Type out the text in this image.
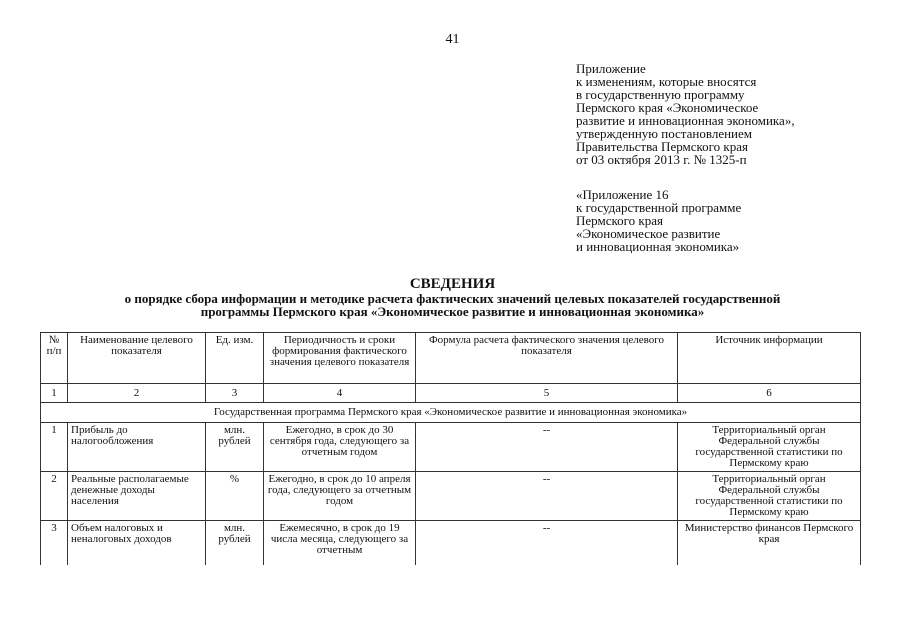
41
Приложение
к изменениям, которые вносятся
в государственную программу
Пермского края «Экономическое
развитие и инновационная экономика»,
утвержденную постановлением
Правительства Пермского края
от 03 октября 2013 г. № 1325-п
«Приложение 16
к государственной программе
Пермского края
«Экономическое развитие
и инновационная экономика»
СВЕДЕНИЯ
о порядке сбора информации и методике расчета фактических значений целевых показателей государственной
программы Пермского края «Экономическое развитие и инновационная экономика»
№ п/п	Наименование целевого показателя	Ед. изм.	Периодичность и сроки формирования фактического значения целевого показателя	Формула расчета фактического значения целевого показателя	Источник информации
1	2	3	4	5	6
Государственная программа Пермского края «Экономическое развитие и инновационная экономика»					
1	Прибыль до налогообложения	млн. рублей	Ежегодно, в срок до 30 сентября года, следующего за отчетным годом	--	Территориальный орган Федеральной службы государственной статистики по Пермскому краю
2	Реальные располагаемые денежные доходы населения	%	Ежегодно, в срок до 10 апреля года, следующего за отчетным годом	--	Территориальный орган Федеральной службы государственной статистики по Пермскому краю
3	Объем налоговых и неналоговых доходов	млн. рублей	Ежемесячно, в срок до 19 числа месяца, следующего за отчетным	--	Министерство финансов Пермского края
